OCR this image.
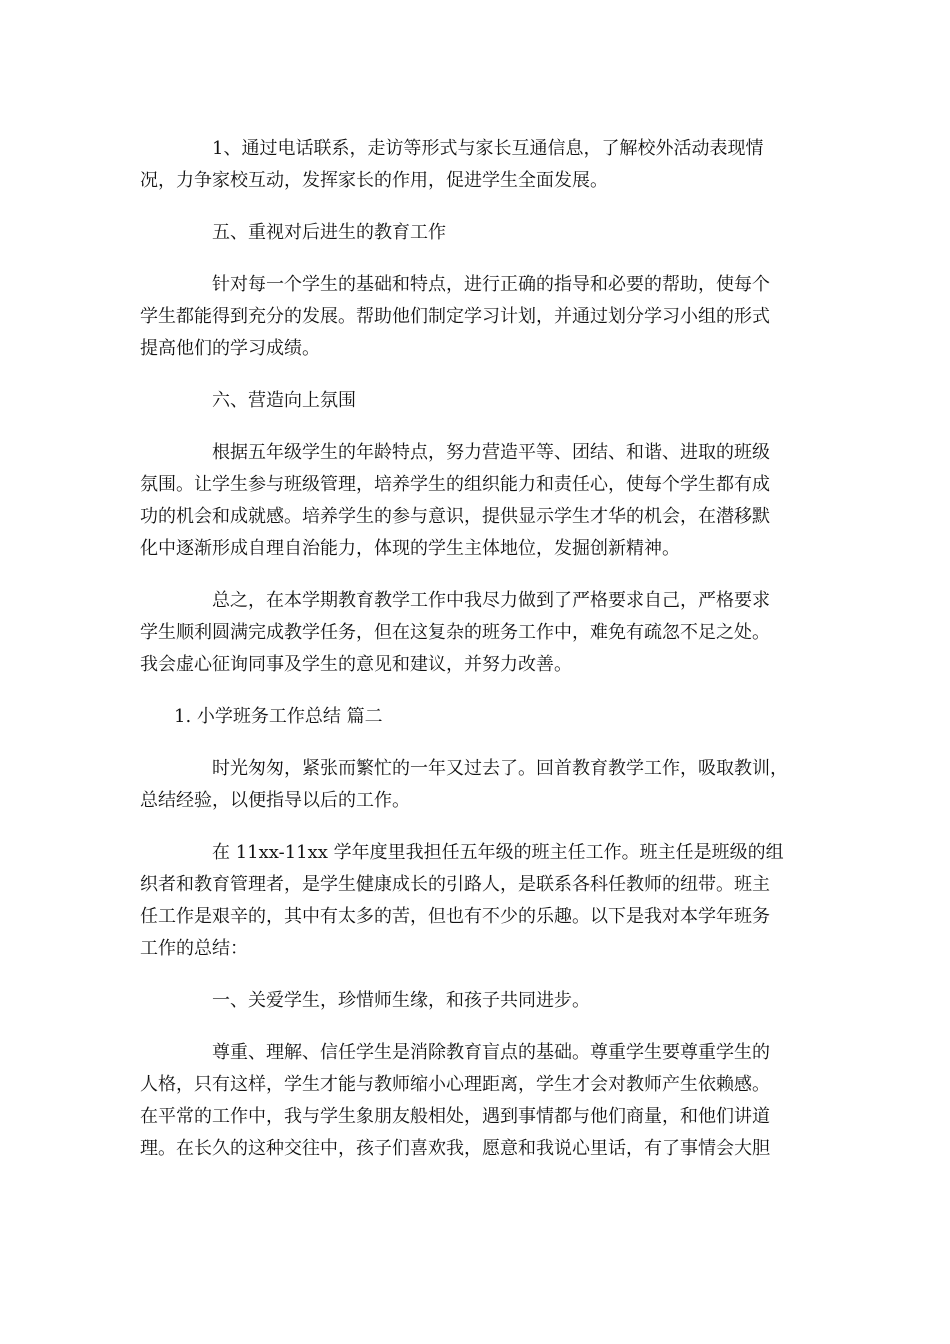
1、通过电话联系，走访等形式与家长互通信息，了解校外活动表现情
况，力争家校互动，发挥家长的作用，促进学生全面发展。
五、重视对后进生的教育工作
针对每一个学生的基础和特点，进行正确的指导和必要的帮助，使每个
学生都能得到充分的发展。帮助他们制定学习计划，并通过划分学习小组的形式
提高他们的学习成绩。
六、营造向上氛围
根据五年级学生的年龄特点，努力营造平等、团结、和谐、进取的班级
氛围。让学生参与班级管理，培养学生的组织能力和责任心，使每个学生都有成
功的机会和成就感。培养学生的参与意识，提供显示学生才华的机会，在潜移默
化中逐渐形成自理自治能力，体现的学生主体地位，发掘创新精神。
总之，在本学期教育教学工作中我尽力做到了严格要求自己，严格要求
学生顺利圆满完成教学任务，但在这复杂的班务工作中，难免有疏忽不足之处。
我会虚心征询同事及学生的意见和建议，并努力改善。
1. 小学班务工作总结 篇二
时光匆匆，紧张而繁忙的一年又过去了。回首教育教学工作，吸取教训，
总结经验，以便指导以后的工作。
在 11xx-11xx 学年度里我担任五年级的班主任工作。班主任是班级的组
织者和教育管理者，是学生健康成长的引路人，是联系各科任教师的纽带。班主
任工作是艰辛的，其中有太多的苦，但也有不少的乐趣。以下是我对本学年班务
工作的总结：
一、关爱学生，珍惜师生缘，和孩子共同进步。
尊重、理解、信任学生是消除教育盲点的基础。尊重学生要尊重学生的
人格，只有这样，学生才能与教师缩小心理距离，学生才会对教师产生依赖感。
在平常的工作中，我与学生象朋友般相处，遇到事情都与他们商量，和他们讲道
理。在长久的这种交往中，孩子们喜欢我，愿意和我说心里话，有了事情会大胆
